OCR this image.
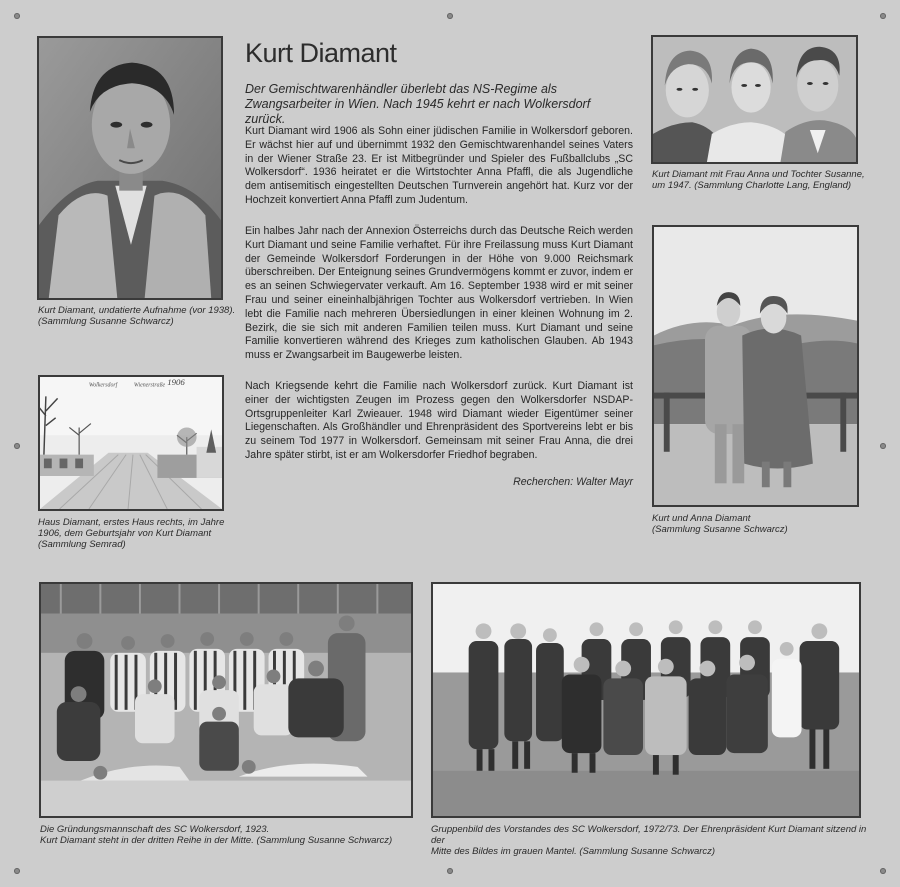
Kurt Diamant, undatierte Aufnahme (vor 1938).
(Sammlung Susanne Schwarcz)
Wolkersdorf	Wienerstraße 1906
Haus Diamant, erstes Haus rechts, im Jahre
1906, dem Geburtsjahr von Kurt Diamant
(Sammlung Semrad)
Kurt Diamant
Der Gemischtwarenhändler überlebt das NS-Regime als Zwangsarbeiter in Wien. Nach 1945 kehrt er nach Wolkersdorf zurück.
Kurt Diamant wird 1906 als Sohn einer jüdischen Familie in Wolkersdorf geboren. Er wächst hier auf und übernimmt 1932 den Gemischtwarenhandel seines Vaters in der Wiener Straße 23. Er ist Mitbegründer und Spieler des Fußballclubs „SC Wolkersdorf“. 1936 heiratet er die Wirtstochter Anna Pfaffl, die als Jugendliche dem antisemitisch eingestellten Deutschen Turnverein angehört hat. Kurz vor der Hochzeit konvertiert Anna Pfaffl zum Judentum.
Ein halbes Jahr nach der Annexion Österreichs durch das Deutsche Reich werden Kurt Diamant und seine Familie verhaftet. Für ihre Freilassung muss Kurt Diamant der Gemeinde Wolkersdorf Forderungen in der Höhe von 9.000 Reichsmark überschreiben. Der Enteignung seines Grundvermögens kommt er zuvor, indem er es an seinen Schwiegervater verkauft. Am 16. September 1938 wird er mit seiner Frau und seiner eineinhalbjährigen Tochter aus Wolkersdorf vertrieben. In Wien lebt die Familie nach mehreren Übersiedlungen in einer kleinen Wohnung im 2. Bezirk, die sie sich mit anderen Familien teilen muss. Kurt Diamant und seine Familie konvertieren während des Krieges zum katholischen Glauben. Ab 1943 muss er Zwangsarbeit im Baugewerbe leisten.
Nach Kriegsende kehrt die Familie nach Wolkersdorf zurück. Kurt Diamant ist einer der wichtigsten Zeugen im Prozess gegen den Wolkersdorfer NSDAP-Ortsgruppenleiter Karl Zwieauer. 1948 wird Diamant wieder Eigentümer seiner Liegenschaften. Als Großhändler und Ehrenpräsident des Sportvereins lebt er bis zu seinem Tod 1977 in Wolkersdorf. Gemeinsam mit seiner Frau Anna, die drei Jahre später stirbt, ist er am Wolkersdorfer Friedhof begraben.
Recherchen: Walter Mayr
Kurt Diamant mit Frau Anna und Tochter Susanne,
um 1947. (Sammlung Charlotte Lang, England)
Kurt und Anna Diamant
(Sammlung Susanne Schwarcz)
Die Gründungsmannschaft des SC Wolkersdorf, 1923.
Kurt Diamant steht in der dritten Reihe in der Mitte. (Sammlung Susanne Schwarcz)
Gruppenbild des Vorstandes des SC Wolkersdorf, 1972/73. Der Ehrenpräsident Kurt Diamant sitzend in der
Mitte des Bildes im grauen Mantel. (Sammlung Susanne Schwarcz)
